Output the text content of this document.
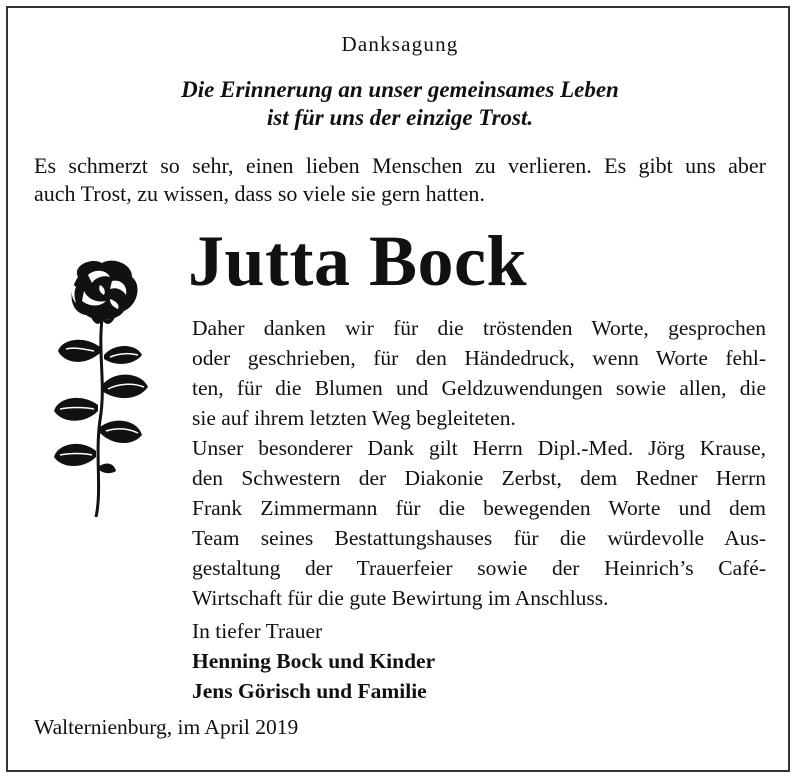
Danksagung
Die Erinnerung an unser gemeinsames Leben
ist für uns der einzige Trost.
Es schmerzt so sehr, einen lieben Menschen zu verlieren. Es gibt uns aber
auch Trost, zu wissen, dass so viele sie gern hatten.
Jutta Bock
Daher danken wir für die tröstenden Worte, gesprochen
oder geschrieben, für den Händedruck, wenn Worte fehl-
ten, für die Blumen und Geldzuwendungen sowie allen, die
sie auf ihrem letzten Weg begleiteten.
Unser besonderer Dank gilt Herrn Dipl.-Med. Jörg Krause,
den Schwestern der Diakonie Zerbst, dem Redner Herrn
Frank Zimmermann für die bewegenden Worte und dem
Team seines Bestattungshauses für die würdevolle Aus-
gestaltung der Trauerfeier sowie der Heinrich’s Café-
Wirtschaft für die gute Bewirtung im Anschluss.
In tiefer Trauer
Henning Bock und Kinder
Jens Görisch und Familie
Walternienburg, im April 2019
